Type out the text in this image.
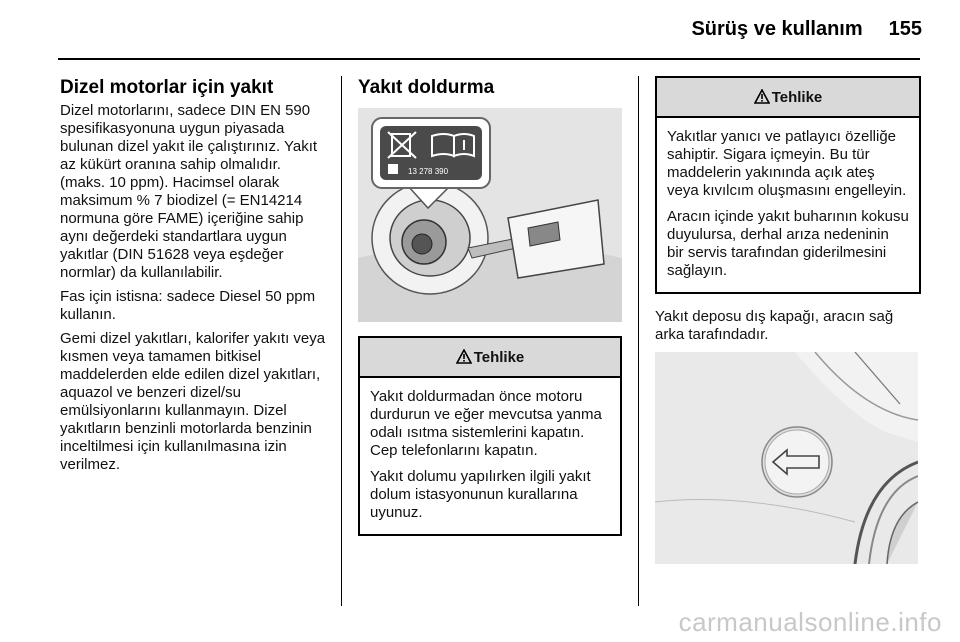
Sürüş ve kullanım 155
Dizel motorlar için yakıt

Dizel motorlarını, sadece DIN EN 590 spesifikasyonuna uygun piyasada bulunan dizel yakıt ile çalıştırınız. Yakıt az kükürt oranına sahip olmalıdır. (maks. 10 ppm). Hacimsel olarak maksimum % 7 biodizel (= EN14214 normuna göre FAME) içeriğine sahip aynı değerdeki standartlara uygun yakıtlar (DIN 51628 veya eşdeğer normlar) da kullanılabilir.

Fas için istisna: sadece Diesel 50 ppm kullanın.

Gemi dizel yakıtları, kalorifer yakıtı veya kısmen veya tamamen bitkisel maddelerden elde edilen dizel yakıtları, aquazol ve benzeri dizel/su emülsiyonlarını kullanmayın. Dizel yakıtların benzinli motorlarda benzinin inceltilmesi için kullanılmasına izin verilmez.

Yakıt doldurma
13 278 390
Tehlike

Yakıt doldurmadan önce motoru durdurun ve eğer mevcutsa yanma odalı ısıtma sistemlerini kapatın. Cep telefonlarını kapatın.

Yakıt dolumu yapılırken ilgili yakıt dolum istasyonunun kurallarına uyunuz.

Tehlike

Yakıtlar yanıcı ve patlayıcı özelliğe sahiptir. Sigara içmeyin. Bu tür maddelerin yakınında açık ateş veya kıvılcım oluşmasını engelleyin.

Aracın içinde yakıt buharının kokusu duyulursa, derhal arıza nedeninin bir servis tarafından giderilmesini sağlayın.

Yakıt deposu dış kapağı, aracın sağ arka tarafındadır.

carmanualsonline.info
